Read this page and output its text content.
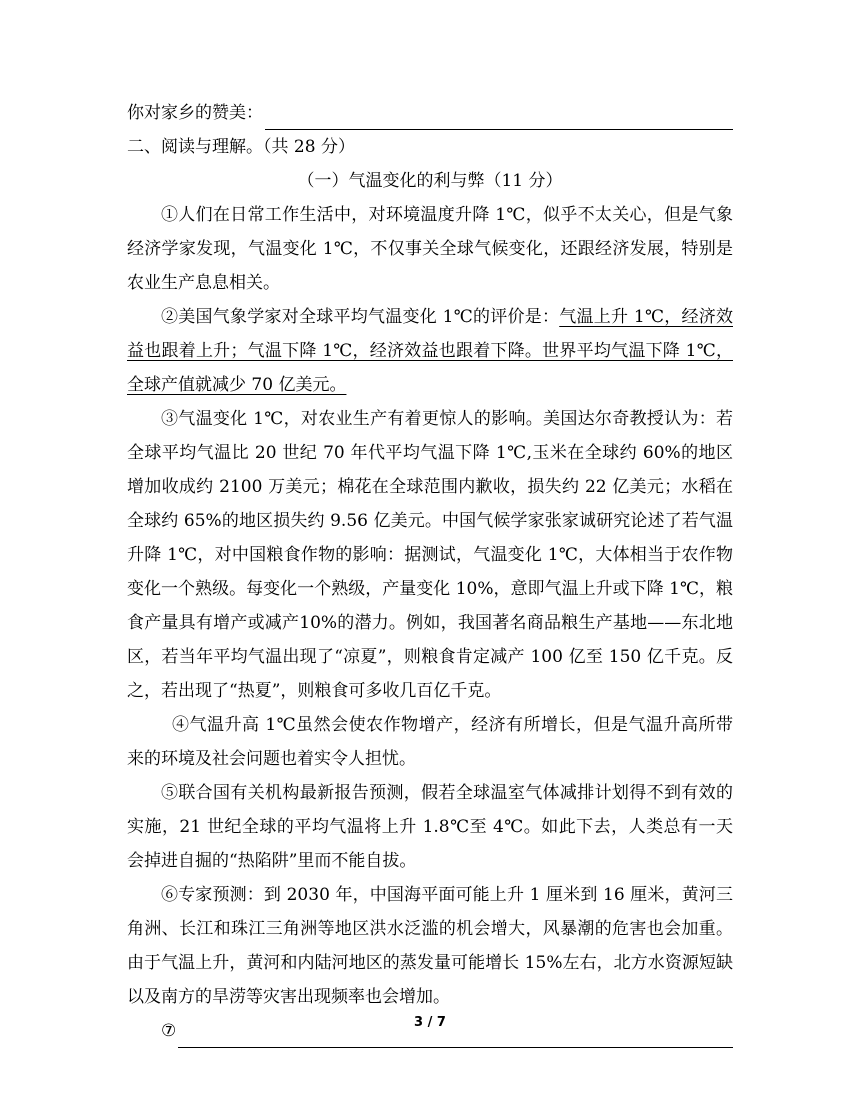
你对家乡的赞美：
二、阅读与理解。（共 28 分）
（一）气温变化的利与弊（11 分）

①人们在日常工作生活中，对环境温度升降 1℃，似乎不太关心，但是气象经济学家发现，气温变化 1℃，不仅事关全球气候变化，还跟经济发展，特别是农业生产息息相关。

②美国气象学家对全球平均气温变化 1℃的评价是：气温上升 1℃，经济效益也跟着上升；气温下降 1℃，经济效益也跟着下降。世界平均气温下降 1℃，全球产值就减少 70 亿美元。

③气温变化 1℃，对农业生产有着更惊人的影响。美国达尔奇教授认为：若全球平均气温比 20 世纪 70 年代平均气温下降 1℃,玉米在全球约 60%的地区增加收成约 2100 万美元；棉花在全球范围内歉收，损失约 22 亿美元；水稻在全球约 65%的地区损失约 9.56 亿美元。中国气候学家张家诚研究论述了若气温升降 1℃，对中国粮食作物的影响：据测试，气温变化 1℃，大体相当于农作物变化一个熟级。每变化一个熟级，产量变化 10%，意即气温上升或下降 1℃，粮食产量具有增产或减产10%的潜力。例如，我国著名商品粮生产基地——东北地区，若当年平均气温出现了“凉夏”，则粮食肯定减产 100 亿至 150 亿千克。反之，若出现了“热夏”，则粮食可多收几百亿千克。

④气温升高 1℃虽然会使农作物增产，经济有所增长，但是气温升高所带来的环境及社会问题也着实令人担忧。

⑤联合国有关机构最新报告预测，假若全球温室气体减排计划得不到有效的实施，21 世纪全球的平均气温将上升 1.8℃至 4℃。如此下去，人类总有一天会掉进自掘的“热陷阱”里而不能自拔。

⑥专家预测：到 2030 年，中国海平面可能上升 1 厘米到 16 厘米，黄河三角洲、长江和珠江三角洲等地区洪水泛滥的机会增大，风暴潮的危害也会加重。由于气温上升，黄河和内陆河地区的蒸发量可能增长 15%左右，北方水资源短缺以及南方的旱涝等灾害出现频率也会增加。

⑦	3 / 7
